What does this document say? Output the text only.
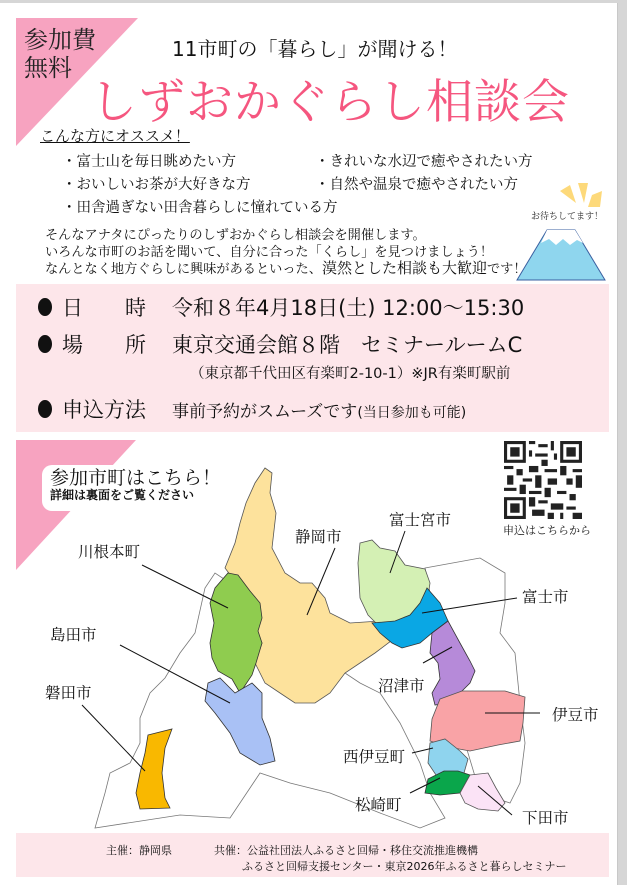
参加費
無料
11市町の「暮らし」が聞ける！
しずおかぐらし相談会
こんな方にオススメ！
・富士山を毎日眺めたい方	・きれいな水辺で癒やされたい方
・おいしいお茶が大好きな方	・自然や温泉で癒やされたい方
・田舎過ぎない田舎暮らしに憧れている方
お待ちしてます！
そんなアナタにぴったりのしずおかぐらし相談会を開催します。
いろんな市町のお話を聞いて、自分に合った「くらし」を見つけましょう！
なんとなく地方ぐらしに興味があるといった、漠然とした相談も大歓迎です！
日　　時 令和８年4月18日(土) 12:00～15:30
場　　所 東京交通会館８階　セミナールームC
（東京都千代田区有楽町2-10-1）※JR有楽町駅前
申込方法 事前予約がスムーズです(当日参加も可能)
参加市町はこちら！
詳細は裏面をご覧ください
申込はこちらから
静岡市
富士宮市
川根本町
富士市
島田市
沼津市
磐田市
伊豆市
西伊豆町
松崎町
下田市
主催：静岡県	共催：公益社団法人ふるさと回帰・移住交流推進機構
ふるさと回帰支援センター・東京2026年ふるさと暮らしセミナー
